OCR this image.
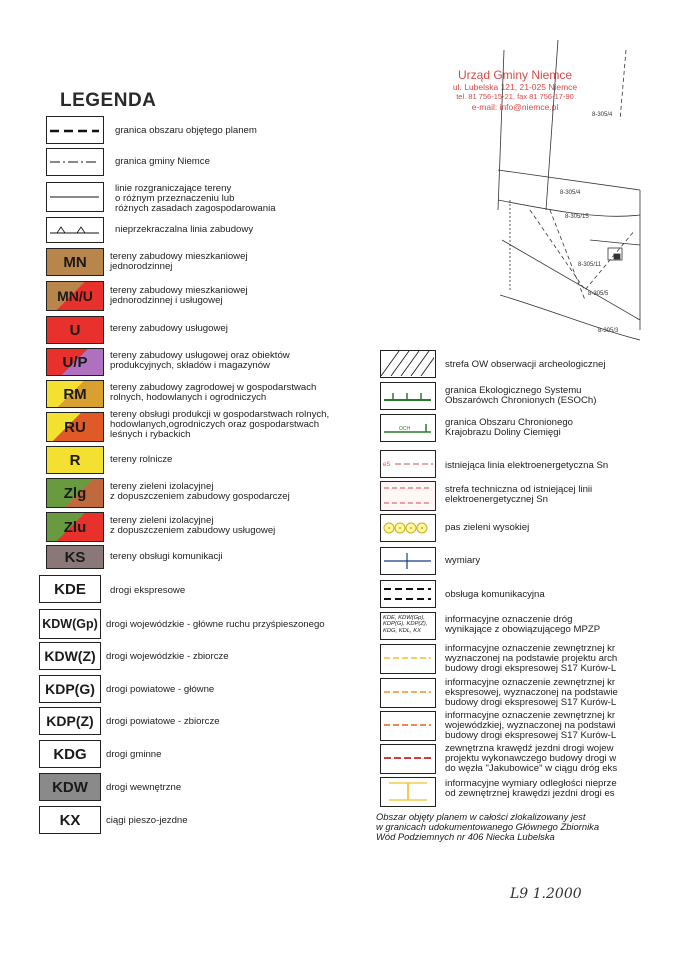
LEGENDA
Urząd Gminy Niemce
ul. Lubelska 121, 21-025 Niemce
tel. 81 756-15-21, fax 81 756-17-90
e-mail: info@niemce.pl
8-305/4
8-305/15
8-305/11
8-305/5
8-305/4
8-305/3
granica obszaru objętego planem
granica gminy Niemce
linie rozgraniczające tereny
o różnym przeznaczeniu lub
różnych zasadach zagospodarowania
nieprzekraczalna linia zabudowy
MN tereny zabudowy mieszkaniowej
jednorodzinnej
MN/U tereny zabudowy mieszkaniowej
jednorodzinnej i usługowej
U	tereny zabudowy usługowej
U/P tereny zabudowy usługowej oraz obiektów
produkcyjnych, składów i magazynów
RM tereny zabudowy zagrodowej w gospodarstwach
rolnych, hodowlanych i ogrodniczych
RU
tereny obsługi produkcji w gospodarstwach rolnych,
hodowlanych,ogrodniczych oraz gospodarstwach
leśnych i rybackich
R	tereny rolnicze
Zlg tereny zieleni izolacyjnej
z dopuszczeniem zabudowy gospodarczej
Zlu tereny zieleni izolacyjnej
z dopuszczeniem zabudowy usługowej
KS	tereny obsługi komunikacji
KDE	drogi ekspresowe
KDW(Gp) drogi wojewódzkie - główne ruchu przyśpieszonego
KDW(Z) drogi wojewódzkie - zbiorcze
KDP(G) drogi powiatowe - główne
KDP(Z) drogi powiatowe - zbiorcze
KDG drogi gminne
KDW drogi wewnętrzne
KX	ciągi pieszo-jezdne
strefa OW obserwacji archeologicznej
granica Ekologicznego Systemu
Obszarówch Chronionych (ESOCh)
OCH
granica Obszaru Chronionego
Krajobrazu Doliny Ciemięgi
eS	istniejąca linia elektroenergetyczna Sn
strefa techniczna od istniejącej linii
elektroenergetycznej Sn
pas zieleni wysokiej
wymiary
obsługa komunikacyjna
KDE, KDW(Gp),
KDP(G), KDP(Z),
KDG, KDL, KX
informacyjne oznaczenie dróg
wynikające z obowiązującego MPZP
informacyjne oznaczenie zewnętrznej kr
wyznaczonej na podstawie projektu arch
budowy drogi ekspresowej S17 Kurów-L
informacyjne oznaczenie zewnętrznej kr
ekspresowej, wyznaczonej na podstawie
budowy drogi ekspresowej S17 Kurów-L
informacyjne oznaczenie zewnętrznej kr
wojewódzkiej, wyznaczonej na podstawi
budowy drogi ekspresowej S17 Kurów-L
zewnętrzna krawędź jezdni drogi wojew
projektu wykonawczego budowy drogi w
do węzła "Jakubowice" w ciągu dróg eks
informacyjne wymiary odległości nieprze
od zewnętrznej krawędzi jezdni drogi es
Obszar objęty planem w całości zlokalizowany jest
w granicach udokumentowanego Głównego Zbiornika
Wód Podziemnych nr 406 Niecka Lubelska
L9 1.2000
